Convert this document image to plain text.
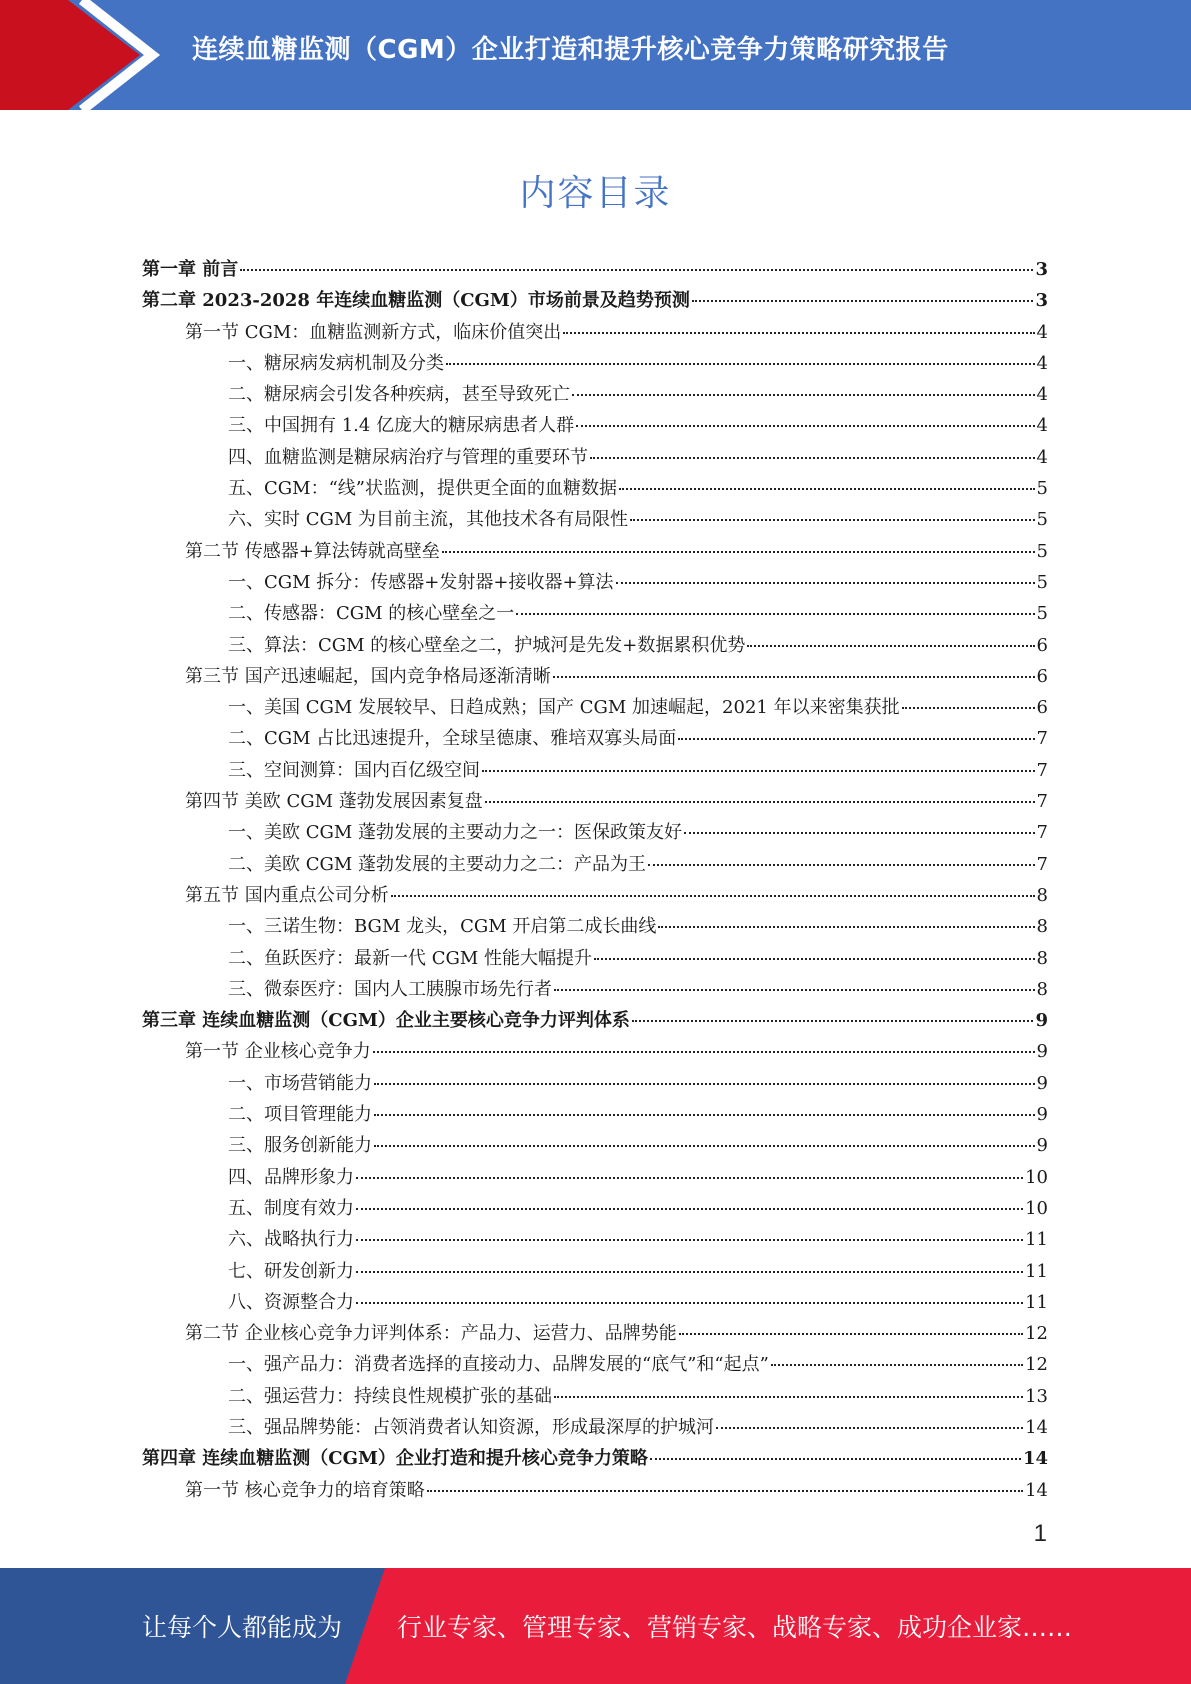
连续血糖监测（CGM）企业打造和提升核心竞争力策略研究报告
内容目录
第一章 前言	3
第二章 2023-2028 年连续血糖监测（CGM）市场前景及趋势预测	3
第一节 CGM：血糖监测新方式，临床价值突出	4
一、糖尿病发病机制及分类	4
二、糖尿病会引发各种疾病，甚至导致死亡	4
三、中国拥有 1.4 亿庞大的糖尿病患者人群	4
四、血糖监测是糖尿病治疗与管理的重要环节	4
五、CGM：“线”状监测，提供更全面的血糖数据	5
六、实时 CGM 为目前主流，其他技术各有局限性	5
第二节 传感器+算法铸就高壁垒	5
一、CGM 拆分：传感器+发射器+接收器+算法	5
二、传感器：CGM 的核心壁垒之一	5
三、算法：CGM 的核心壁垒之二，护城河是先发+数据累积优势	6
第三节 国产迅速崛起，国内竞争格局逐渐清晰	6
一、美国 CGM 发展较早、日趋成熟；国产 CGM 加速崛起，2021 年以来密集获批	6
二、CGM 占比迅速提升，全球呈德康、雅培双寡头局面	7
三、空间测算：国内百亿级空间	7
第四节 美欧 CGM 蓬勃发展因素复盘	7
一、美欧 CGM 蓬勃发展的主要动力之一：医保政策友好	7
二、美欧 CGM 蓬勃发展的主要动力之二：产品为王	7
第五节 国内重点公司分析	8
一、三诺生物：BGM 龙头，CGM 开启第二成长曲线	8
二、鱼跃医疗：最新一代 CGM 性能大幅提升	8
三、微泰医疗：国内人工胰腺市场先行者	8
第三章 连续血糖监测（CGM）企业主要核心竞争力评判体系	9
第一节 企业核心竞争力	9
一、市场营销能力	9
二、项目管理能力	9
三、服务创新能力	9
四、品牌形象力	10
五、制度有效力	10
六、战略执行力	11
七、研发创新力	11
八、资源整合力	11
第二节 企业核心竞争力评判体系：产品力、运营力、品牌势能	12
一、强产品力：消费者选择的直接动力、品牌发展的“底气”和“起点”	12
二、强运营力：持续良性规模扩张的基础	13
三、强品牌势能：占领消费者认知资源，形成最深厚的护城河	14
第四章 连续血糖监测（CGM）企业打造和提升核心竞争力策略	14
第一节 核心竞争力的培育策略	14
1
让每个人都能成为 行业专家、管理专家、营销专家、战略专家、成功企业家……
